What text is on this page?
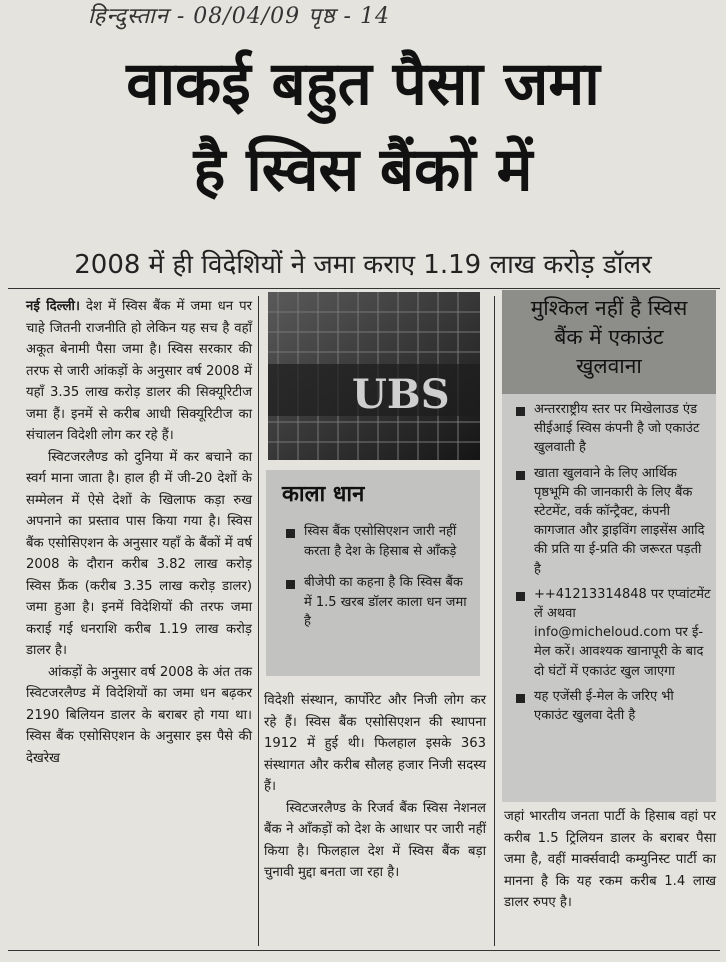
हिन्दुस्तान - 08/04/09 पृष्ठ - 14
वाकई बहुत पैसा जमा
है स्विस बैंकों में
2008 में ही विदेशियों ने जमा कराए 1.19 लाख करोड़ डॉलर

नई दिल्ली। देश में स्विस बैंक में जमा धन पर चाहे जितनी राजनीति हो लेकिन यह सच है वहाँ अकूत बेनामी पैसा जमा है। स्विस सरकार की तरफ से जारी आंकड़ों के अनुसार वर्ष 2008 में यहाँ 3.35 लाख करोड़ डालर की सिक्यूरिटीज जमा हैं। इनमें से करीब आधी सिक्यूरिटीज का संचालन विदेशी लोग कर रहे हैं।

स्विटजरलैण्ड को दुनिया में कर बचाने का स्वर्ग माना जाता है। हाल ही में जी-20 देशों के सम्मेलन में ऐसे देशों के खिलाफ कड़ा रुख अपनाने का प्रस्ताव पास किया गया है। स्विस बैंक एसोसिएशन के अनुसार यहाँ के बैंकों में वर्ष 2008 के दौरान करीब 3.82 लाख करोड़ स्विस फ्रैंक (करीब 3.35 लाख करोड़ डालर) जमा हुआ है। इनमें विदेशियों की तरफ जमा कराई गई धनराशि करीब 1.19 लाख करोड़ डालर है।

आंकड़ों के अनुसार वर्ष 2008 के अंत तक स्विटजरलैण्ड में विदेशियों का जमा धन बढ़कर 2190 बिलियन डालर के बराबर हो गया था। स्विस बैंक एसोसिएशन के अनुसार इस पैसे की देखरेख

UBS
काला धान
स्विस बैंक एसोसिएशन जारी नहीं करता है देश के हिसाब से आँकड़े
बीजेपी का कहना है कि स्विस बैंक में 1.5 खरब डॉलर काला धन जमा है

विदेशी संस्थान, कार्पोरेट और निजी लोग कर रहे हैं। स्विस बैंक एसोसिएशन की स्थापना 1912 में हुई थी। फिलहाल इसके 363 संस्थागत और करीब सौलह हजार निजी सदस्य हैं।

स्विटजरलैण्ड के रिजर्व बैंक स्विस नेशनल बैंक ने आँकड़ों को देश के आधार पर जारी नहीं किया है। फिलहाल देश में स्विस बैंक बड़ा चुनावी मुद्दा बनता जा रहा है।

मुश्किल नहीं है स्विस
बैंक में एकाउंट
खुलवाना
अन्तरराष्ट्रीय स्तर पर मिखेलाउड एंड सीईआई स्विस कंपनी है जो एकाउंट खुलवाती है
खाता खुलवाने के लिए आर्थिक पृष्ठभूमि की जानकारी के लिए बैंक स्टेटमेंट, वर्क कॉन्ट्रैक्ट, कंपनी कागजात और ड्राइविंग लाइसेंस आदि की प्रति या ई-प्रति की जरूरत पड़ती है
++41213314848 पर एप्वांटमेंट लें अथवा info@micheloud.com पर ई-मेल करें। आवश्यक खानापूरी के बाद दो घंटों में एकाउंट खुल जाएगा
यह एजेंसी ई-मेल के जरिए भी एकाउंट खुलवा देती है

जहां भारतीय जनता पार्टी के हिसाब वहां पर करीब 1.5 ट्रिलियन डालर के बराबर पैसा जमा है, वहीं मार्क्सवादी कम्युनिस्ट पार्टी का मानना है कि यह रकम करीब 1.4 लाख डालर रुपए है।
